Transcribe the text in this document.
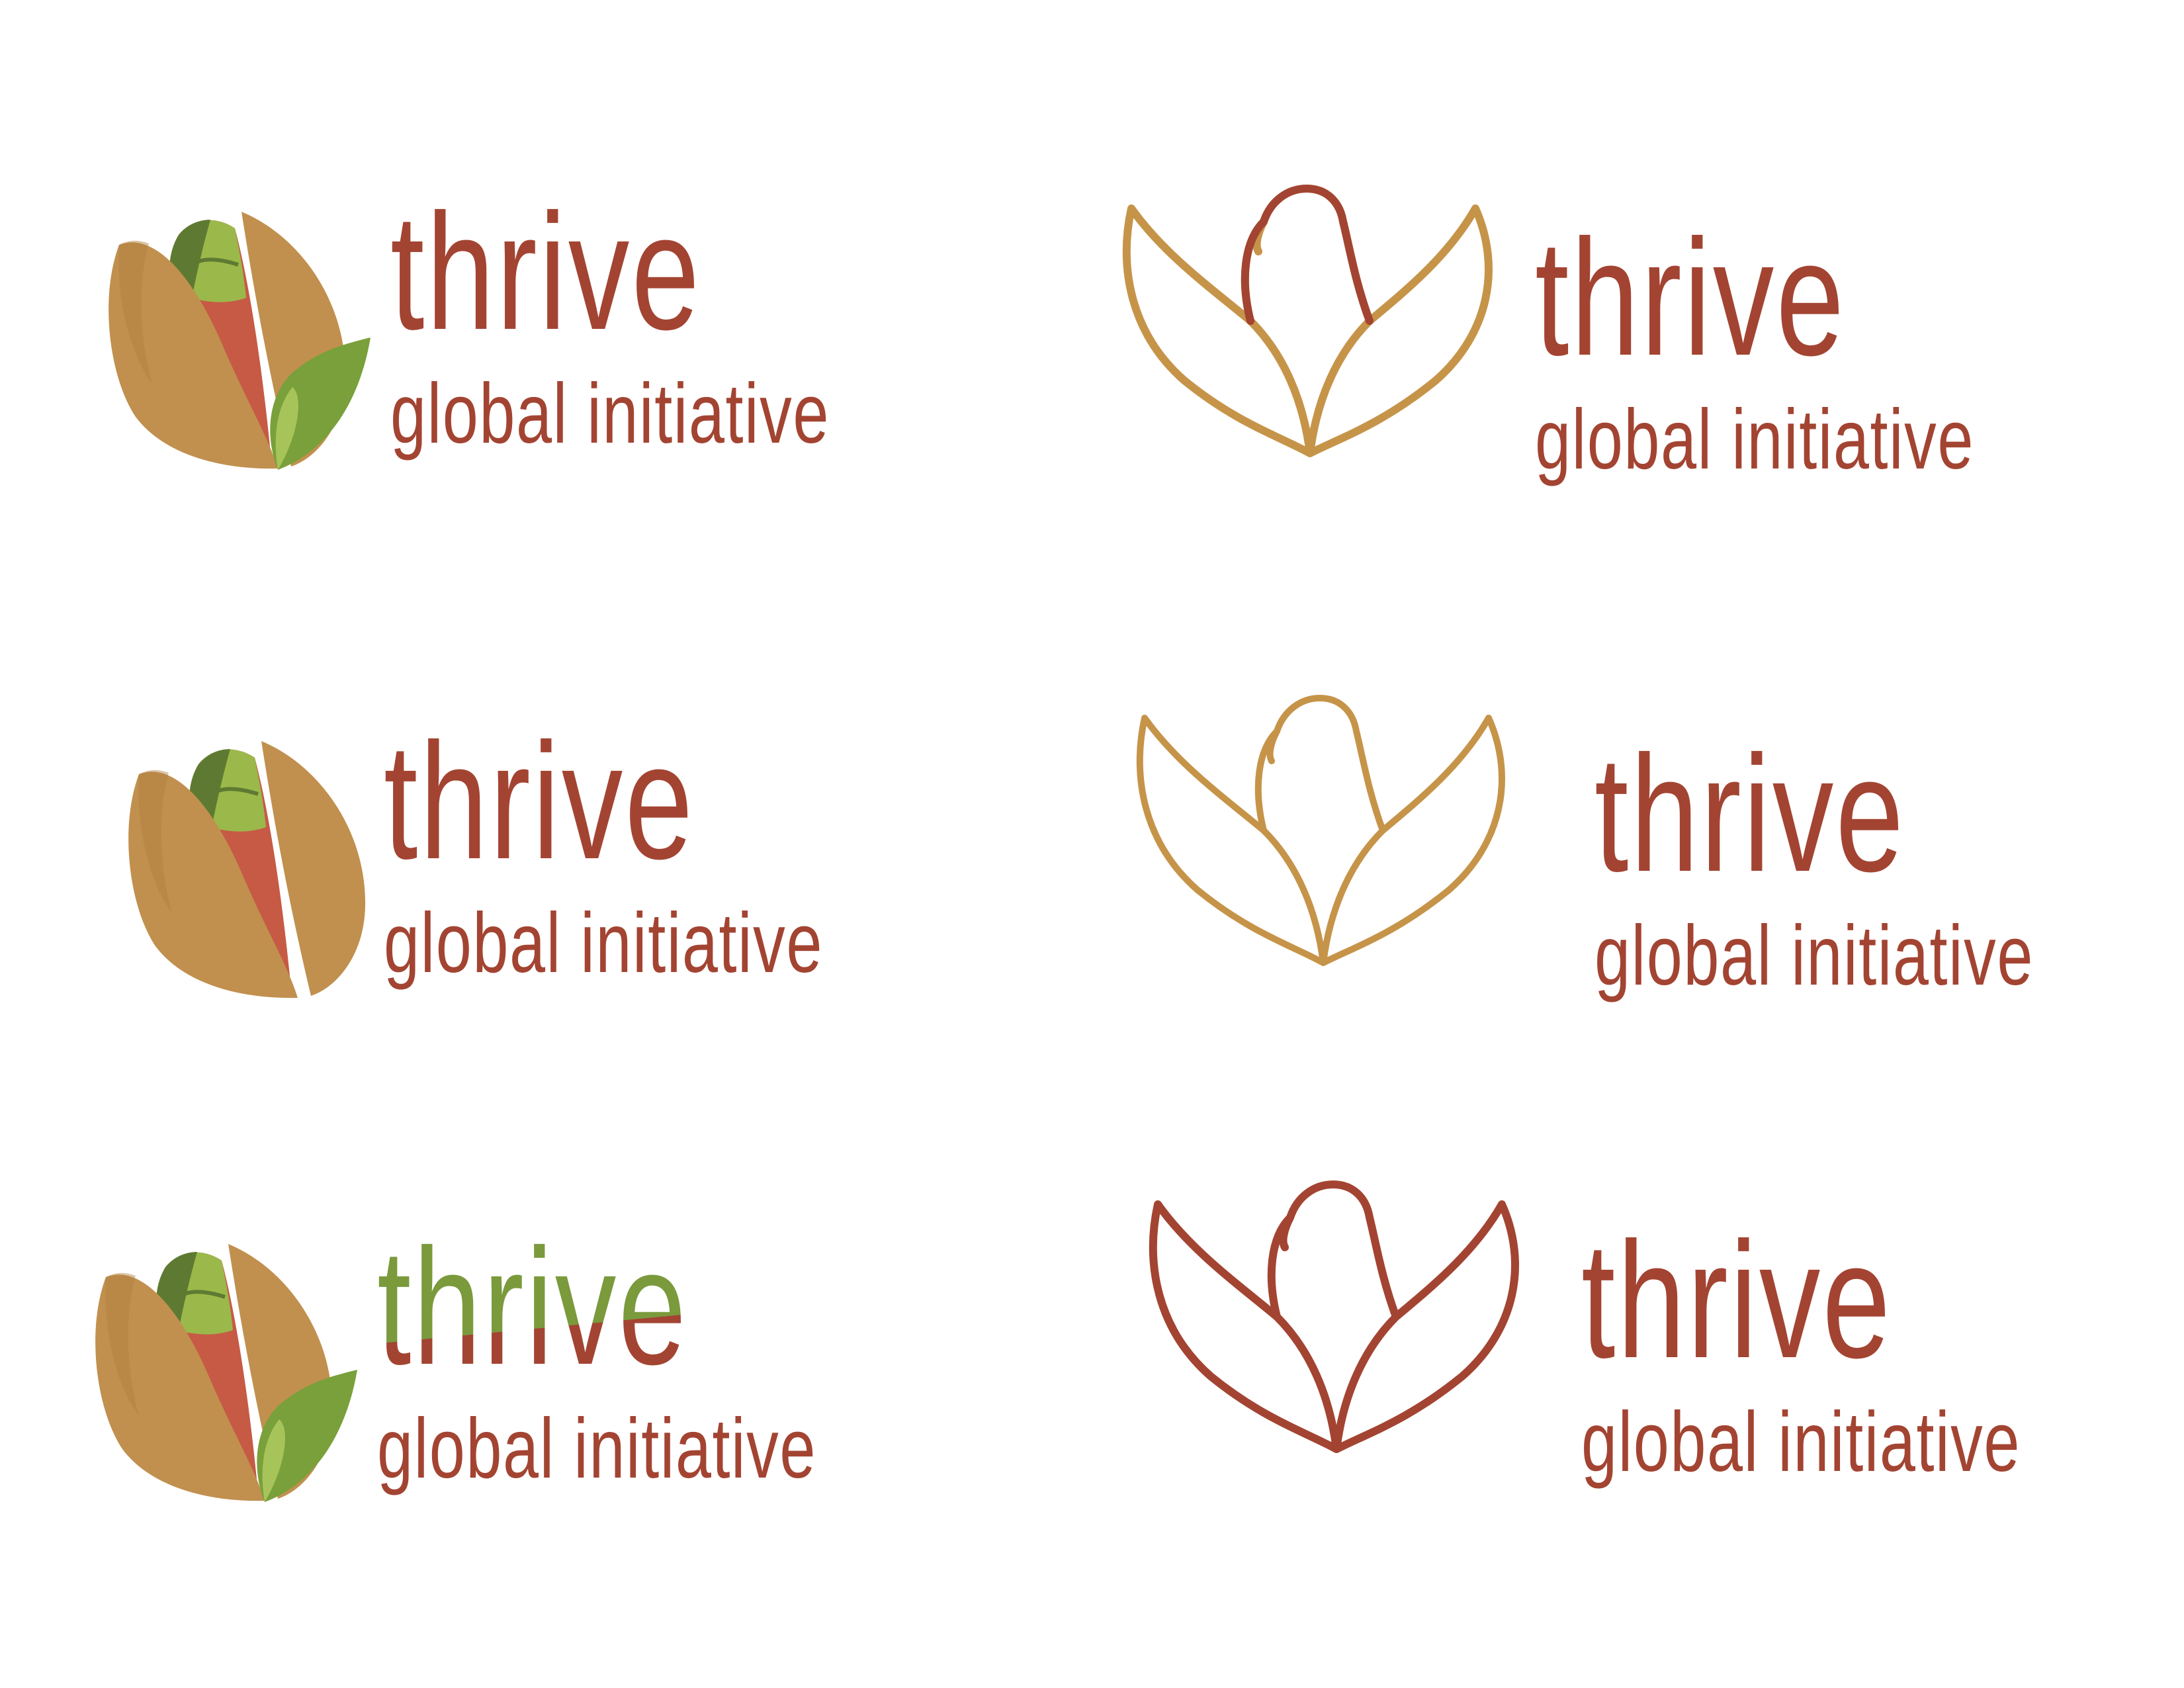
thrive
global initiative
thrive
global initiative
thrive
global initiative
thrive
global initiative
thrive
global initiative
thrive
global initiative
